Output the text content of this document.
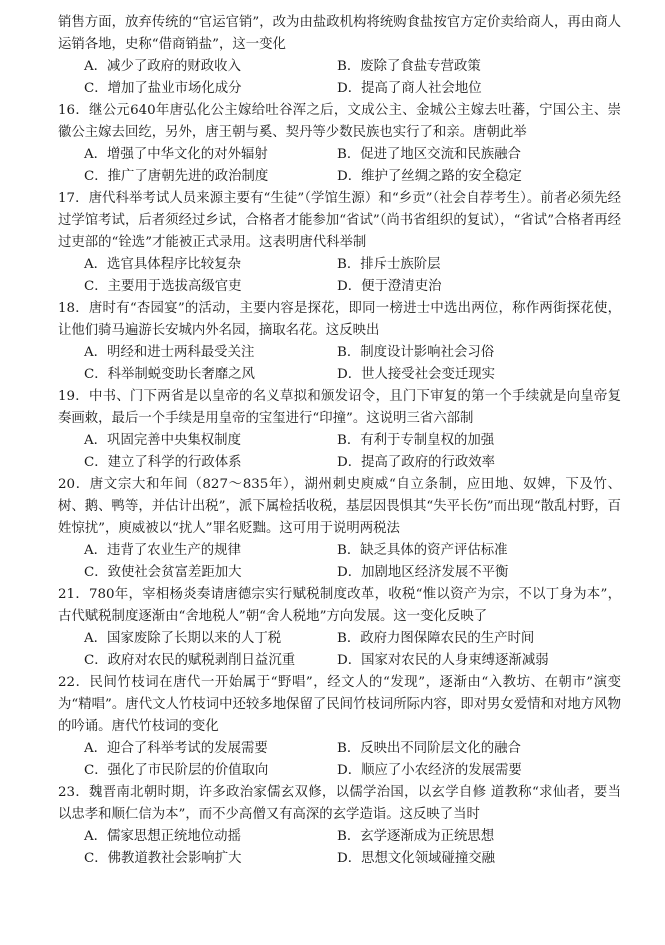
销售方面，放弃传统的“官运官销”，改为由盐政机构将统购食盐按官方定价卖给商人，再由商人运销各地，史称“借商销盐”，这一变化

A．减少了政府的财政收入	B．废除了食盐专营政策

C．增加了盐业市场化成分	D．提高了商人社会地位

16．继公元640年唐弘化公主嫁给吐谷浑之后，文成公主、金城公主嫁去吐蕃，宁国公主、崇徽公主嫁去回纥，另外，唐王朝与奚、契丹等少数民族也实行了和亲。唐朝此举

A．增强了中华文化的对外辐射	B．促进了地区交流和民族融合

C．推广了唐朝先进的政治制度	D．维护了丝绸之路的安全稳定

17．唐代科举考试人员来源主要有“生徒”（学馆生源）和“乡贡”（社会自荐考生）。前者必须先经过学馆考试，后者须经过乡试，合格者才能参加“省试”（尚书省组织的复试），“省试”合格者再经过吏部的“铨选”才能被正式录用。这表明唐代科举制

A．选官具体程序比较复杂	B．排斥士族阶层

C．主要用于选拔高级官吏	D．便于澄清吏治

18．唐时有“杏园宴”的活动，主要内容是探花，即同一榜进士中选出两位，称作两街探花使，让他们骑马遍游长安城内外名园，摘取名花。这反映出

A．明经和进士两科最受关注	B．制度设计影响社会习俗

C．科举制蜕变助长奢靡之风	D．世人接受社会变迁现实

19．中书、门下两省是以皇帝的名义草拟和颁发诏令，且门下审复的第一个手续就是向皇帝复奏画敕，最后一个手续是用皇帝的宝玺进行“印撞”。这说明三省六部制

A．巩固完善中央集权制度	B．有利于专制皇权的加强

C．建立了科学的行政体系	D．提高了政府的行政效率

20．唐文宗大和年间（827～835年），湖州刺史庾威“自立条制，应田地、奴婢，下及竹、树、鹅、鸭等，并估计出税”，派下属检括收税，基层因畏惧其“失平长伤”而出现“散乱村野，百姓惊扰”，庾威被以“扰人”罪名贬黜。这可用于说明两税法

A．违背了农业生产的规律	B．缺乏具体的资产评估标准

C．致使社会贫富差距加大	D．加剧地区经济发展不平衡

21．780年，宰相杨炎奏请唐德宗实行赋税制度改革，收税“惟以资产为宗，不以丁身为本”，古代赋税制度逐渐由“舍地税人”朝“舍人税地”方向发展。这一变化反映了

A．国家废除了长期以来的人丁税	B．政府力图保障农民的生产时间

C．政府对农民的赋税剥削日益沉重	D．国家对农民的人身束缚逐渐减弱

22．民间竹枝词在唐代一开始属于“野唱”，经文人的“发现”，逐渐由“入教坊、在朝市”演变为“精唱”。唐代文人竹枝词中还较多地保留了民间竹枝词所际内容，即对男女爱情和对地方风物的吟诵。唐代竹枝词的变化

A．迎合了科举考试的发展需要	B．反映出不同阶层文化的融合

C．强化了市民阶层的价值取向	D．顺应了小农经济的发展需要

23．魏晋南北朝时期，许多政治家儒玄双修，以儒学治国，以玄学自修 道教称“求仙者，要当以忠孝和顺仁信为本”，而不少高僧又有高深的玄学造诣。这反映了当时

A．儒家思想正统地位动摇	B．玄学逐渐成为正统思想

C．佛教道教社会影响扩大	D．思想文化领域碰撞交融
